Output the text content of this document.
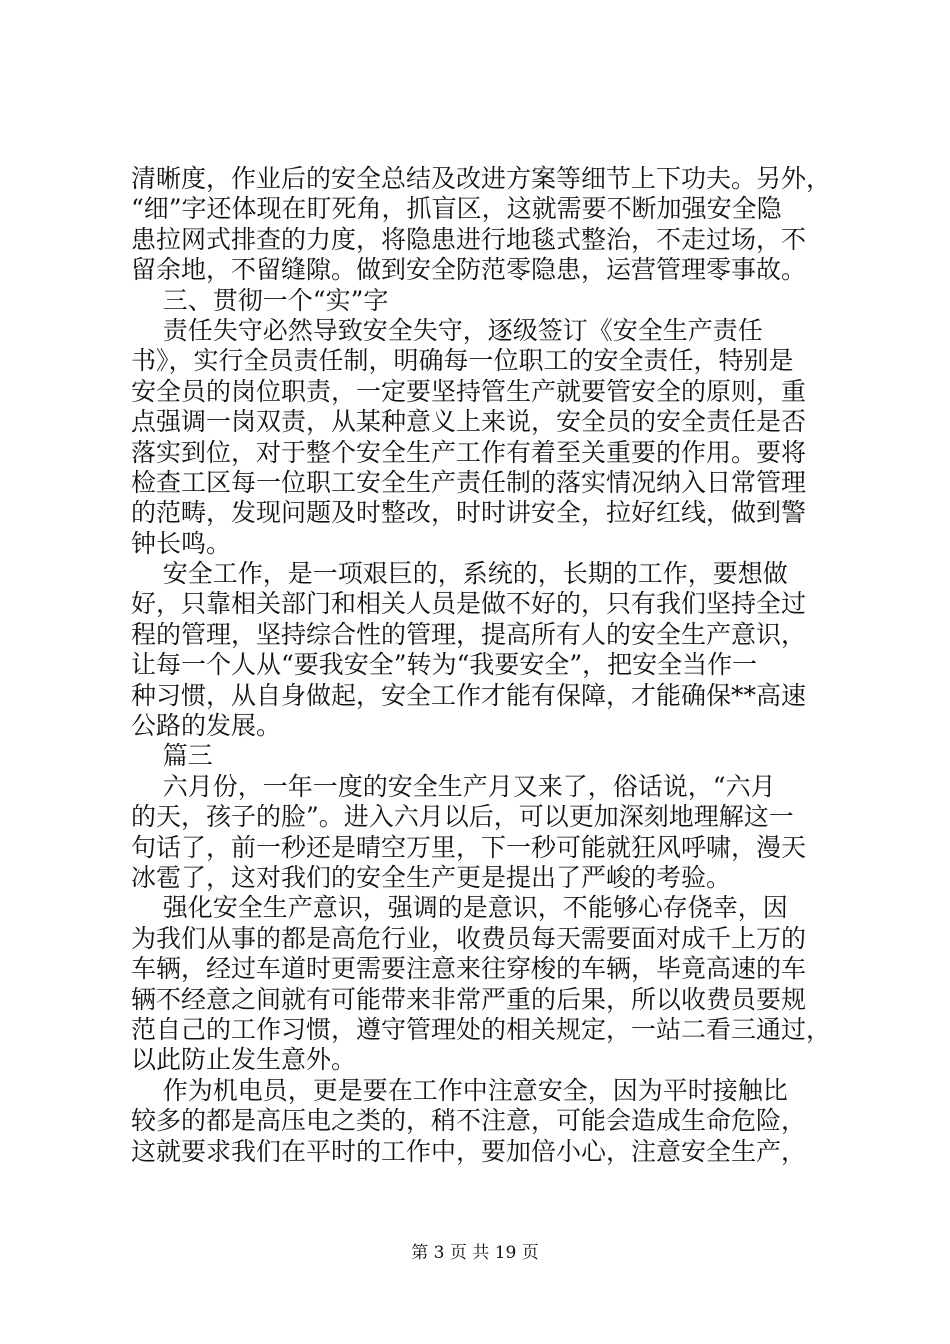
清晰度，作业后的安全总结及改进方案等细节上下功夫。另外，
“细”字还体现在盯死角，抓盲区，这就需要不断加强安全隐
患拉网式排查的力度，将隐患进行地毯式整治，不走过场，不
留余地，不留缝隙。做到安全防范零隐患，运营管理零事故。
三、贯彻一个“实”字
责任失守必然导致安全失守，逐级签订《安全生产责任
书》，实行全员责任制，明确每一位职工的安全责任，特别是
安全员的岗位职责，一定要坚持管生产就要管安全的原则，重
点强调一岗双责，从某种意义上来说，安全员的安全责任是否
落实到位，对于整个安全生产工作有着至关重要的作用。要将
检查工区每一位职工安全生产责任制的落实情况纳入日常管理
的范畴，发现问题及时整改，时时讲安全，拉好红线，做到警
钟长鸣。
安全工作，是一项艰巨的，系统的，长期的工作，要想做
好，只靠相关部门和相关人员是做不好的，只有我们坚持全过
程的管理，坚持综合性的管理，提高所有人的安全生产意识，
让每一个人从“要我安全”转为“我要安全”，把安全当作一
种习惯，从自身做起，安全工作才能有保障，才能确保**高速
公路的发展。
篇三
六月份，一年一度的安全生产月又来了，俗话说，“六月
的天，孩子的脸”。进入六月以后，可以更加深刻地理解这一
句话了，前一秒还是晴空万里，下一秒可能就狂风呼啸，漫天
冰雹了，这对我们的安全生产更是提出了严峻的考验。
强化安全生产意识，强调的是意识，不能够心存侥幸，因
为我们从事的都是高危行业，收费员每天需要面对成千上万的
车辆，经过车道时更需要注意来往穿梭的车辆，毕竟高速的车
辆不经意之间就有可能带来非常严重的后果，所以收费员要规
范自己的工作习惯，遵守管理处的相关规定，一站二看三通过，
以此防止发生意外。
作为机电员，更是要在工作中注意安全，因为平时接触比
较多的都是高压电之类的，稍不注意，可能会造成生命危险，
这就要求我们在平时的工作中，要加倍小心，注意安全生产，
第 3 页 共 19 页
